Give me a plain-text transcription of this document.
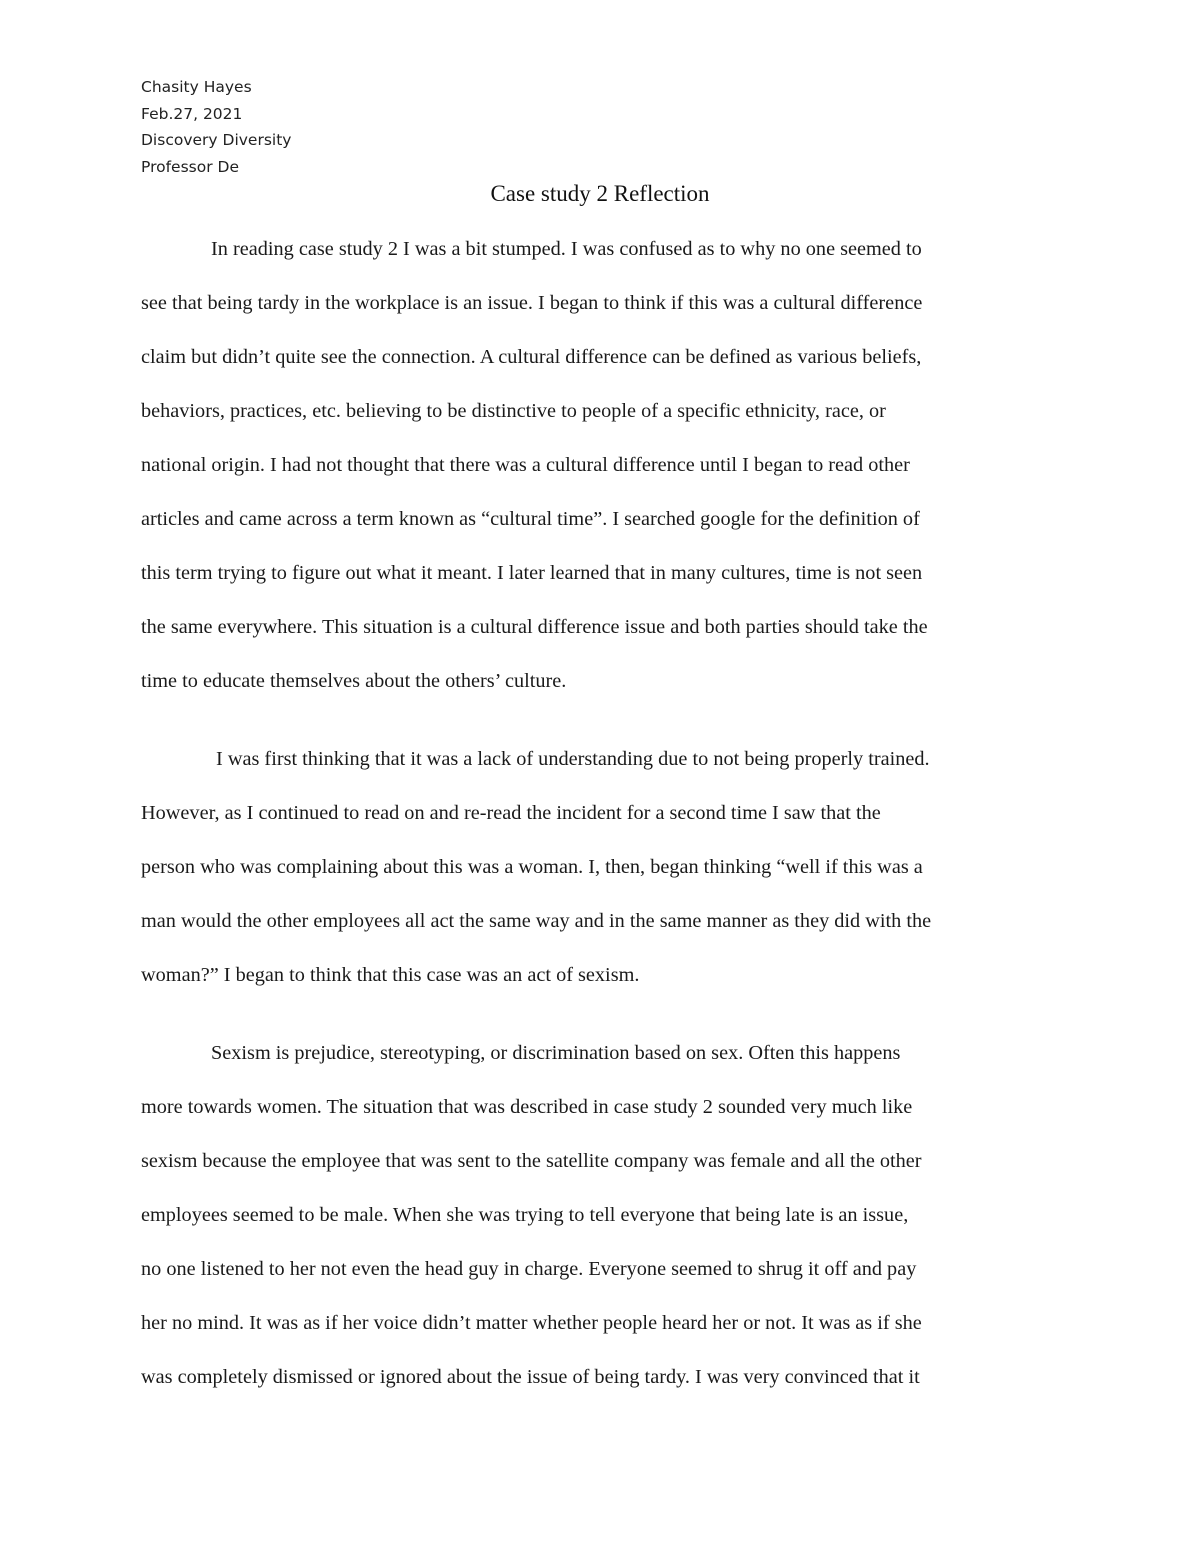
Chasity Hayes
Feb.27, 2021
Discovery Diversity
Professor De
Case study 2 Reflection
In reading case study 2 I was a bit stumped. I was confused as to why no one seemed to
see that being tardy in the workplace is an issue. I began to think if this was a cultural difference
claim but didn’t quite see the connection. A cultural difference can be defined as various beliefs,
behaviors, practices, etc. believing to be distinctive to people of a specific ethnicity, race, or
national origin. I had not thought that there was a cultural difference until I began to read other
articles and came across a term known as “cultural time”. I searched google for the definition of
this term trying to figure out what it meant. I later learned that in many cultures, time is not seen
the same everywhere. This situation is a cultural difference issue and both parties should take the
time to educate themselves about the others’ culture.
I was first thinking that it was a lack of understanding due to not being properly trained.
However, as I continued to read on and re-read the incident for a second time I saw that the
person who was complaining about this was a woman. I, then, began thinking “well if this was a
man would the other employees all act the same way and in the same manner as they did with the
woman?” I began to think that this case was an act of sexism.
Sexism is prejudice, stereotyping, or discrimination based on sex. Often this happens
more towards women. The situation that was described in case study 2 sounded very much like
sexism because the employee that was sent to the satellite company was female and all the other
employees seemed to be male. When she was trying to tell everyone that being late is an issue,
no one listened to her not even the head guy in charge. Everyone seemed to shrug it off and pay
her no mind. It was as if her voice didn’t matter whether people heard her or not. It was as if she
was completely dismissed or ignored about the issue of being tardy. I was very convinced that it
